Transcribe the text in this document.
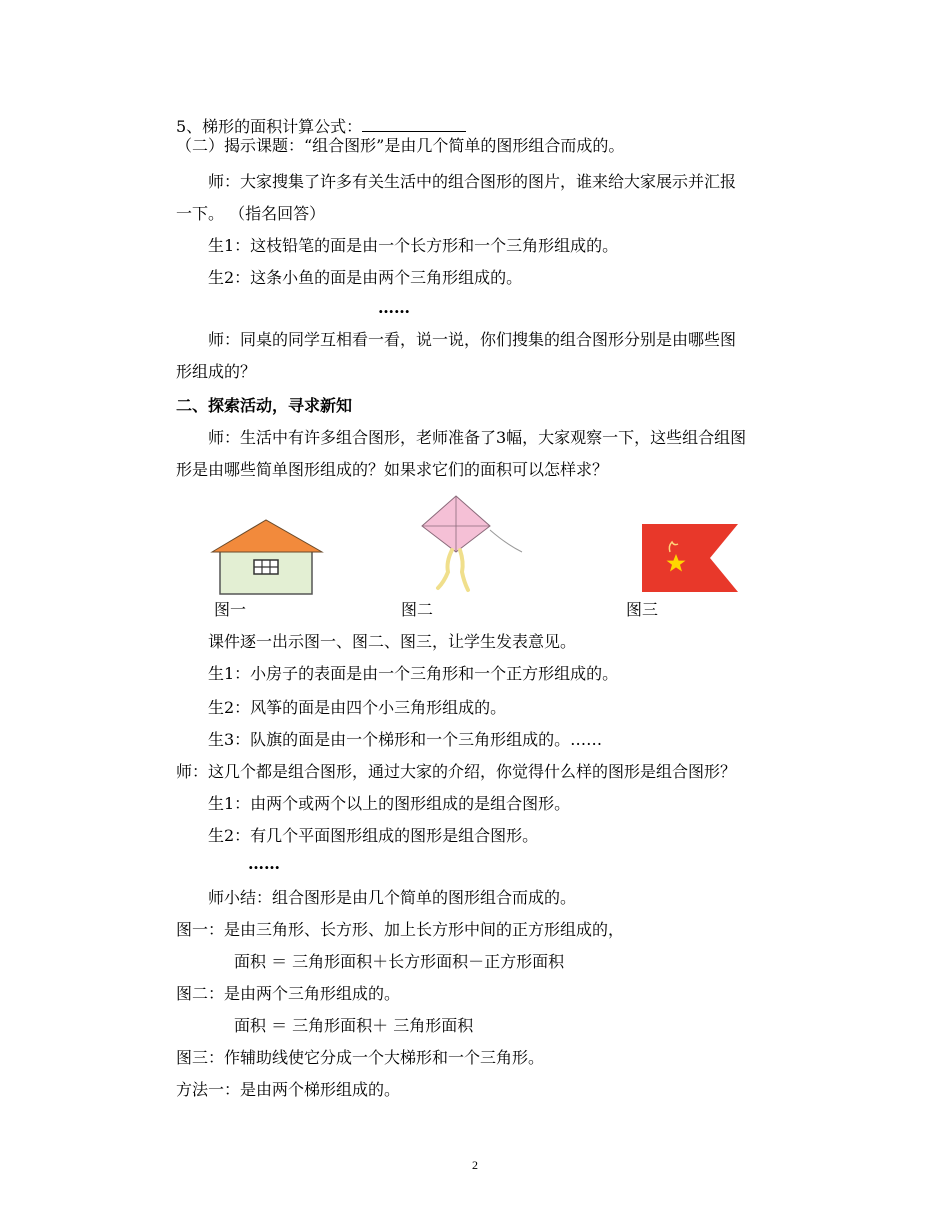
5、梯形的面积计算公式：
（二）揭示课题：“组合图形”是由几个简单的图形组合而成的。
师：大家搜集了许多有关生活中的组合图形的图片，谁来给大家展示并汇报
一下。 （指名回答）
生1：这枝铅笔的面是由一个长方形和一个三角形组成的。
生2：这条小鱼的面是由两个三角形组成的。
……
师：同桌的同学互相看一看，说一说，你们搜集的组合图形分别是由哪些图
形组成的？
二、探索活动，寻求新知
师：生活中有许多组合图形，老师准备了3幅，大家观察一下，这些组合组图
形是由哪些简单图形组成的？如果求它们的面积可以怎样求？
图一	图二	图三
课件逐一出示图一、图二、图三，让学生发表意见。
生1：小房子的表面是由一个三角形和一个正方形组成的。
生2：风筝的面是由四个小三角形组成的。
生3：队旗的面是由一个梯形和一个三角形组成的。……
师：这几个都是组合图形，通过大家的介绍，你觉得什么样的图形是组合图形？
生1：由两个或两个以上的图形组成的是组合图形。
生2：有几个平面图形组成的图形是组合图形。
……
师小结：组合图形是由几个简单的图形组合而成的。
图一：是由三角形、长方形、加上长方形中间的正方形组成的，
面积 ＝ 三角形面积＋长方形面积－正方形面积
图二：是由两个三角形组成的。
面积 ＝ 三角形面积＋ 三角形面积
图三：作辅助线使它分成一个大梯形和一个三角形。
方法一：是由两个梯形组成的。
2
